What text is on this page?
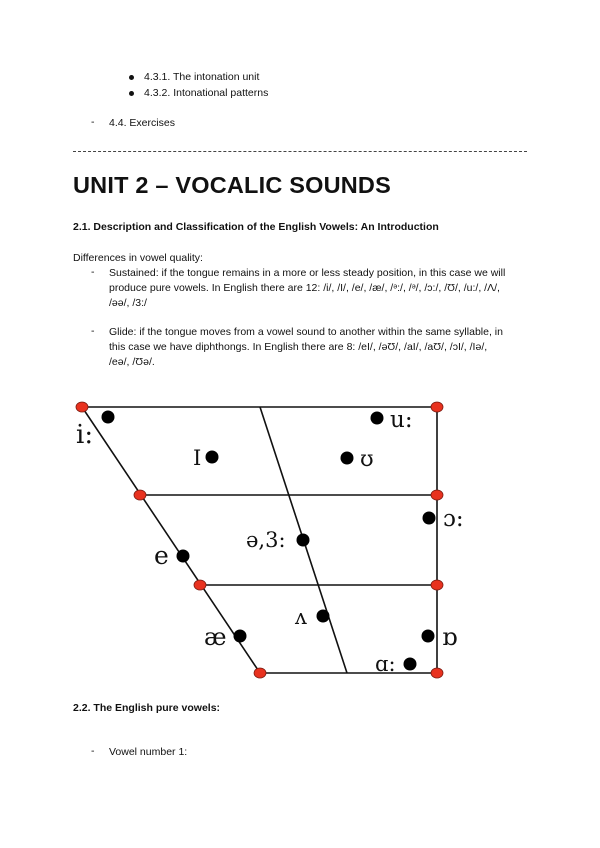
4.3.1. The intonation unit
4.3.2. Intonational patterns
- 4.4. Exercises
UNIT 2 – VOCALIC SOUNDS
2.1. Description and Classification of the English Vowels: An Introduction
Differences in vowel quality:
- Sustained: if the tongue remains in a more or less steady position, in this case we will
produce pure vowels. In English there are 12: /i/, /I/, /e/, /æ/, /ᵊ:/, /ᵊ/, /ɔ:/, /Ʊ/, /u:/, /Λ/,
/əə/, /3:/
- Glide: if the tongue moves from a vowel sound to another within the same syllable, in
this case we have diphthongs. In English there are 8: /eI/, /əƱ/, /aI/, /aƱ/, /ɔI/, /Iə/,
/eə/, /Ʊə/.
i:	u:
I	ʊ
ə,3:
ɔ:
e
ʌ
æ	ɒ
ɑ:
2.2. The English pure vowels:
- Vowel number 1:
